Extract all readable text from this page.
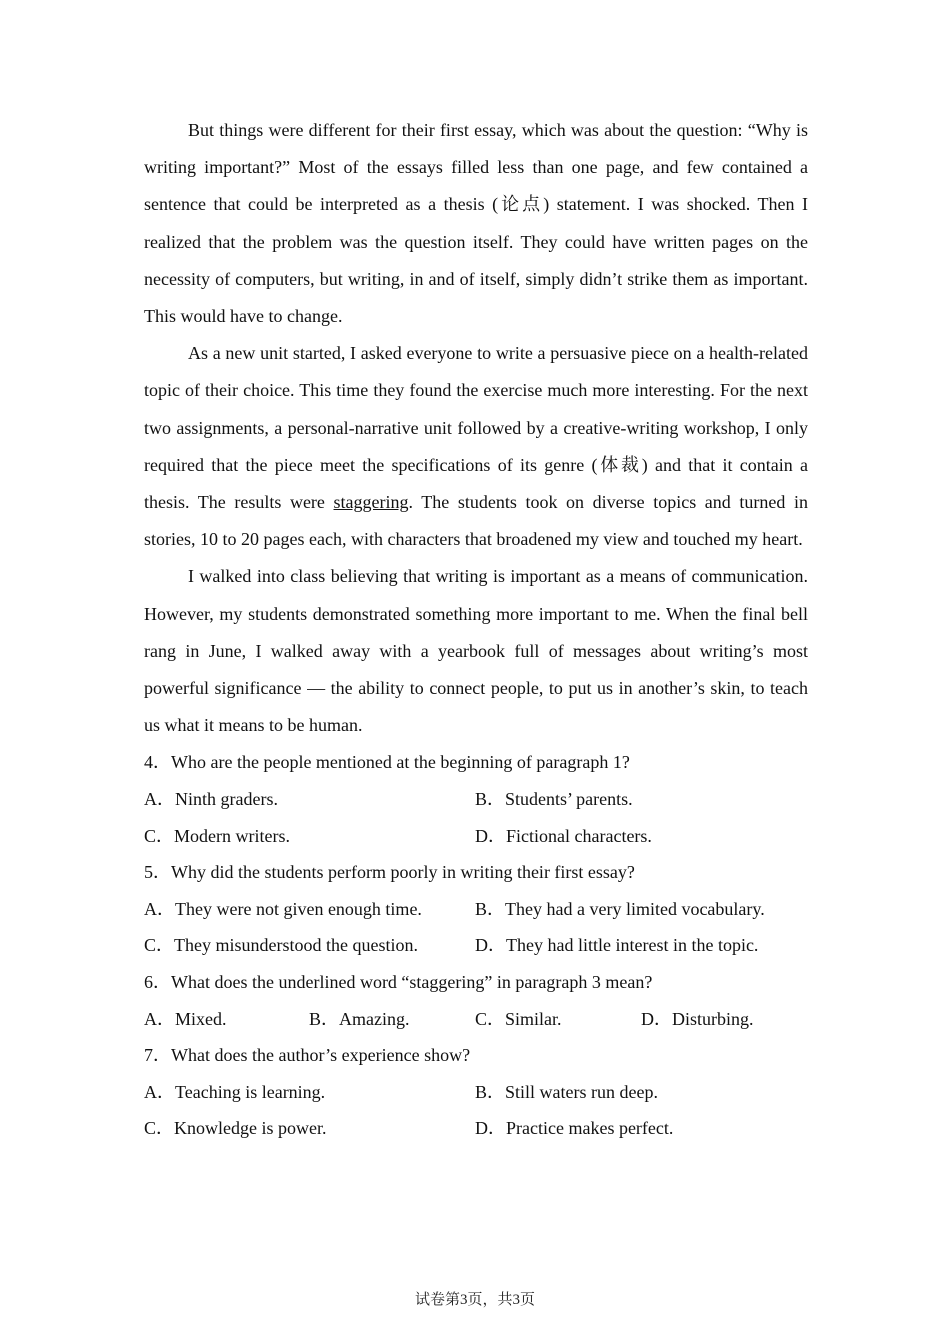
But things were different for their first essay, which was about the question: “Why is writing important?” Most of the essays filled less than one page, and few contained a sentence that could be interpreted as a thesis (论点) statement. I was shocked. Then I realized that the problem was the question itself. They could have written pages on the necessity of computers, but writing, in and of itself, simply didn’t strike them as important. This would have to change.

As a new unit started, I asked everyone to write a persuasive piece on a health-related topic of their choice. This time they found the exercise much more interesting. For the next two assignments, a personal-narrative unit followed by a creative-writing workshop, I only required that the piece meet the specifications of its genre (体裁) and that it contain a thesis. The results were staggering. The students took on diverse topics and turned in stories, 10 to 20 pages each, with characters that broadened my view and touched my heart.

I walked into class believing that writing is important as a means of communication. However, my students demonstrated something more important to me. When the final bell rang in June, I walked away with a yearbook full of messages about writing’s most powerful significance — the ability to connect people, to put us in another’s skin, to teach us what it means to be human.

4．Who are the people mentioned at the beginning of paragraph 1?
A．Ninth graders.	B．Students’ parents.
C．Modern writers.	D．Fictional characters.
5．Why did the students perform poorly in writing their first essay?
A．They were not given enough time.	B．They had a very limited vocabulary.
C．They misunderstood the question.	D．They had little interest in the topic.
6．What does the underlined word “staggering” in paragraph 3 mean?
A．Mixed.	B．Amazing.	C．Similar.	D．Disturbing.
7．What does the author’s experience show?
A．Teaching is learning.	B．Still waters run deep.
C．Knowledge is power.	D．Practice makes perfect.
试卷第3页，共3页
